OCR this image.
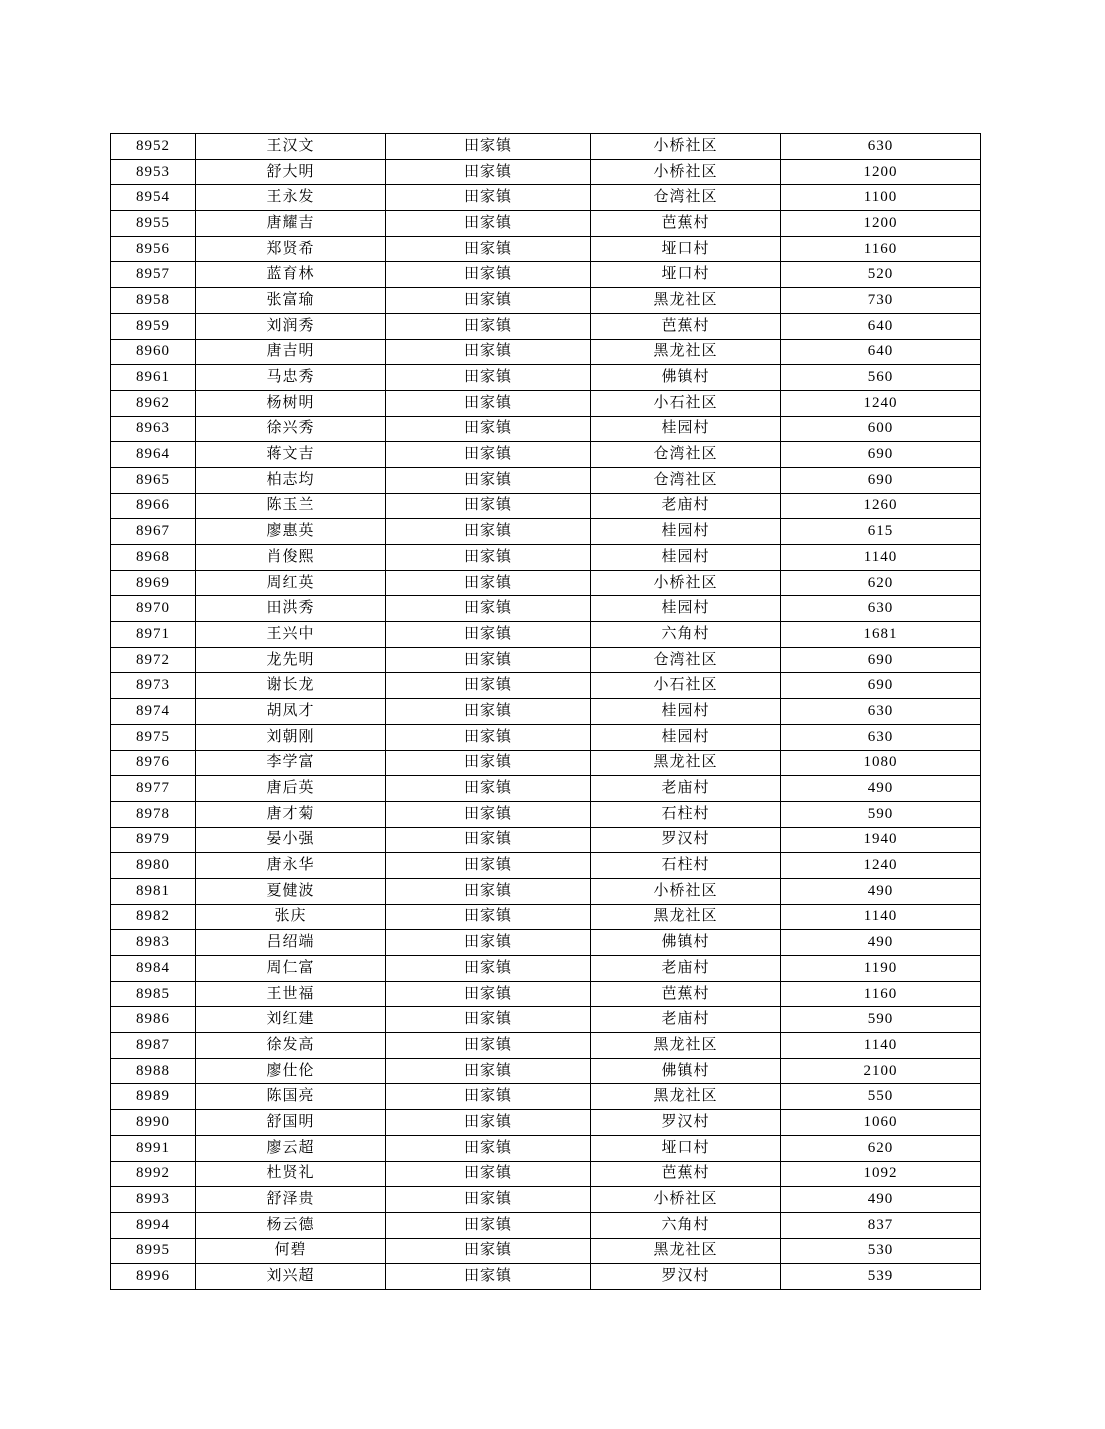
8952	王汉文	田家镇	小桥社区	630
8953	舒大明	田家镇	小桥社区	1200
8954	王永发	田家镇	仓湾社区	1100
8955	唐耀吉	田家镇	芭蕉村	1200
8956	郑贤希	田家镇	垭口村	1160
8957	蓝育林	田家镇	垭口村	520
8958	张富瑜	田家镇	黑龙社区	730
8959	刘润秀	田家镇	芭蕉村	640
8960	唐吉明	田家镇	黑龙社区	640
8961	马忠秀	田家镇	佛镇村	560
8962	杨树明	田家镇	小石社区	1240
8963	徐兴秀	田家镇	桂园村	600
8964	蒋文吉	田家镇	仓湾社区	690
8965	柏志均	田家镇	仓湾社区	690
8966	陈玉兰	田家镇	老庙村	1260
8967	廖惠英	田家镇	桂园村	615
8968	肖俊熙	田家镇	桂园村	1140
8969	周红英	田家镇	小桥社区	620
8970	田洪秀	田家镇	桂园村	630
8971	王兴中	田家镇	六角村	1681
8972	龙先明	田家镇	仓湾社区	690
8973	谢长龙	田家镇	小石社区	690
8974	胡凤才	田家镇	桂园村	630
8975	刘朝刚	田家镇	桂园村	630
8976	李学富	田家镇	黑龙社区	1080
8977	唐后英	田家镇	老庙村	490
8978	唐才菊	田家镇	石柱村	590
8979	晏小强	田家镇	罗汉村	1940
8980	唐永华	田家镇	石柱村	1240
8981	夏健波	田家镇	小桥社区	490
8982	张庆	田家镇	黑龙社区	1140
8983	吕绍端	田家镇	佛镇村	490
8984	周仁富	田家镇	老庙村	1190
8985	王世福	田家镇	芭蕉村	1160
8986	刘红建	田家镇	老庙村	590
8987	徐发高	田家镇	黑龙社区	1140
8988	廖仕伦	田家镇	佛镇村	2100
8989	陈国亮	田家镇	黑龙社区	550
8990	舒国明	田家镇	罗汉村	1060
8991	廖云超	田家镇	垭口村	620
8992	杜贤礼	田家镇	芭蕉村	1092
8993	舒泽贵	田家镇	小桥社区	490
8994	杨云德	田家镇	六角村	837
8995	何碧	田家镇	黑龙社区	530
8996	刘兴超	田家镇	罗汉村	539
